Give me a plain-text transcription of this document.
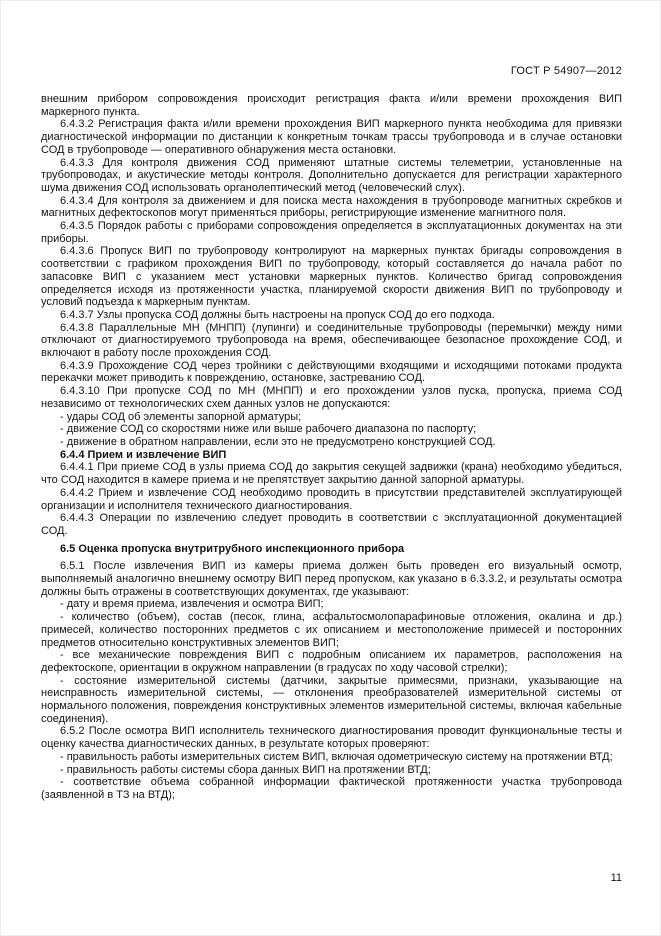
ГОСТ Р 54907—2012

внешним прибором сопровождения происходит регистрация факта и/или времени прохождения ВИП маркерного пункта.

6.4.3.2 Регистрация факта и/или времени прохождения ВИП маркерного пункта необходима для привязки диагностической информации по дистанции к конкретным точкам трассы трубопровода и в случае остановки СОД в трубопроводе — оперативного обнаружения места остановки.

6.4.3.3 Для контроля движения СОД применяют штатные системы телеметрии, установленные на трубопроводах, и акустические методы контроля. Дополнительно допускается для регистрации характерного шума движения СОД использовать органолептический метод (человеческий слух).

6.4.3.4 Для контроля за движением и для поиска места нахождения в трубопроводе магнитных скребков и магнитных дефектоскопов могут применяться приборы, регистрирующие изменение магнитного поля.

6.4.3.5 Порядок работы с приборами сопровождения определяется в эксплуатационных документах на эти приборы.

6.4.3.6 Пропуск ВИП по трубопроводу контролируют на маркерных пунктах бригады сопровождения в соответствии с графиком прохождения ВИП по трубопроводу, который составляется до начала работ по запасовке ВИП с указанием мест установки маркерных пунктов. Количество бригад сопровождения определяется исходя из протяженности участка, планируемой скорости движения ВИП по трубопроводу и условий подъезда к маркерным пунктам.

6.4.3.7 Узлы пропуска СОД должны быть настроены на пропуск СОД до его подхода.

6.4.3.8 Параллельные МН (МНПП) (лупинги) и соединительные трубопроводы (перемычки) между ними отключают от диагностируемого трубопровода на время, обеспечивающее безопасное прохождение СОД, и включают в работу после прохождения СОД.

6.4.3.9 Прохождение СОД через тройники с действующими входящими и исходящими потоками продукта перекачки может приводить к повреждению, остановке, застреванию СОД.

6.4.3.10 При пропуске СОД по МН (МНПП) и его прохождении узлов пуска, пропуска, приема СОД независимо от технологических схем данных узлов не допускаются:

- удары СОД об элементы запорной арматуры;

- движение СОД со скоростями ниже или выше рабочего диапазона по паспорту;

- движение в обратном направлении, если это не предусмотрено конструкцией СОД.

6.4.4 Прием и извлечение ВИП

6.4.4.1 При приеме СОД в узлы приема СОД до закрытия секущей задвижки (крана) необходимо убедиться, что СОД находится в камере приема и не препятствует закрытию данной запорной арматуры.

6.4.4.2 Прием и извлечение СОД необходимо проводить в присутствии представителей эксплуатирующей организации и исполнителя технического диагностирования.

6.4.4.3 Операции по извлечению следует проводить в соответствии с эксплуатационной документацией СОД.

6.5 Оценка пропуска внутритрубного инспекционного прибора

6.5.1 После извлечения ВИП из камеры приема должен быть проведен его визуальный осмотр, выполняемый аналогично внешнему осмотру ВИП перед пропуском, как указано в 6.3.3.2, и результаты осмотра должны быть отражены в соответствующих документах, где указывают:

- дату и время приема, извлечения и осмотра ВИП;

- количество (объем), состав (песок, глина, асфальтосмолопарафиновые отложения, окалина и др.) примесей, количество посторонних предметов с их описанием и местоположение примесей и посторонних предметов относительно конструктивных элементов ВИП;

- все механические повреждения ВИП с подробным описанием их параметров, расположения на дефектоскопе, ориентации в окружном направлении (в градусах по ходу часовой стрелки);

- состояние измерительной системы (датчики, закрытые примесями, признаки, указывающие на неисправность измерительной системы, — отклонения преобразователей измерительной системы от нормального положения, повреждения конструктивных элементов измерительной системы, включая кабельные соединения).

6.5.2 После осмотра ВИП исполнитель технического диагностирования проводит функциональные тесты и оценку качества диагностических данных, в результате которых проверяют:

- правильность работы измерительных систем ВИП, включая одометрическую систему на протяжении ВТД;

- правильность работы системы сбора данных ВИП на протяжении ВТД;

- соответствие объема собранной информации фактической протяженности участка трубопровода (заявленной в ТЗ на ВТД);

11
